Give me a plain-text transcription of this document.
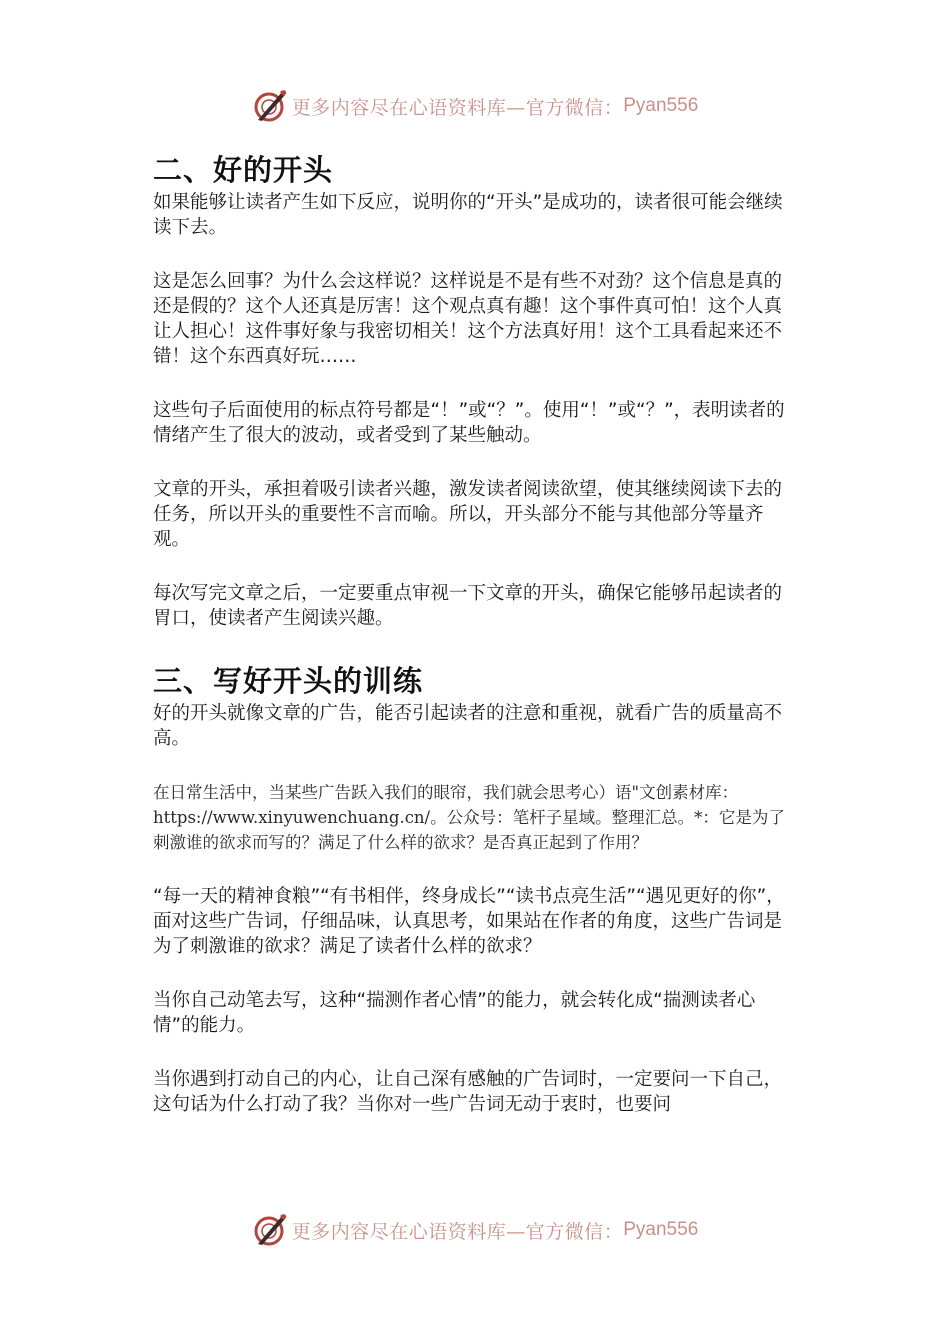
更多内容尽在心语资料库—官方微信： Pyan556
二、好的开头

如果能够让读者产生如下反应，说明你的“开头”是成功的，读者很可能会继续读下去。

这是怎么回事？为什么会这样说？这样说是不是有些不对劲？这个信息是真的还是假的？这个人还真是厉害！这个观点真有趣！这个事件真可怕！这个人真让人担心！这件事好象与我密切相关！这个方法真好用！这个工具看起来还不错！这个东西真好玩……

这些句子后面使用的标点符号都是“！”或“？”。使用“！”或“？”，表明读者的情绪产生了很大的波动，或者受到了某些触动。

文章的开头，承担着吸引读者兴趣，激发读者阅读欲望，使其继续阅读下去的任务，所以开头的重要性不言而喻。所以，开头部分不能与其他部分等量齐观。

每次写完文章之后，一定要重点审视一下文章的开头，确保它能够吊起读者的胃口，使读者产生阅读兴趣。

三、写好开头的训练

好的开头就像文章的广告，能否引起读者的注意和重视，就看广告的质量高不高。

在日常生活中，当某些广告跃入我们的眼帘，我们就会思考心）语"文创素材库：https://www.xinyuwenchuang.cn/。公众号：笔杆子星域。整理汇总。*：它是为了刺激谁的欲求而写的？满足了什么样的欲求？是否真正起到了作用？

“每一天的精神食粮”“有书相伴，终身成长”“读书点亮生活”“遇见更好的你”，面对这些广告词，仔细品味，认真思考，如果站在作者的角度，这些广告词是为了刺激谁的欲求？满足了读者什么样的欲求？

当你自己动笔去写，这种“揣测作者心情”的能力，就会转化成“揣测读者心情”的能力。

当你遇到打动自己的内心，让自己深有感触的广告词时，一定要问一下自己，这句话为什么打动了我？当你对一些广告词无动于衷时，也要问

更多内容尽在心语资料库—官方微信： Pyan556
